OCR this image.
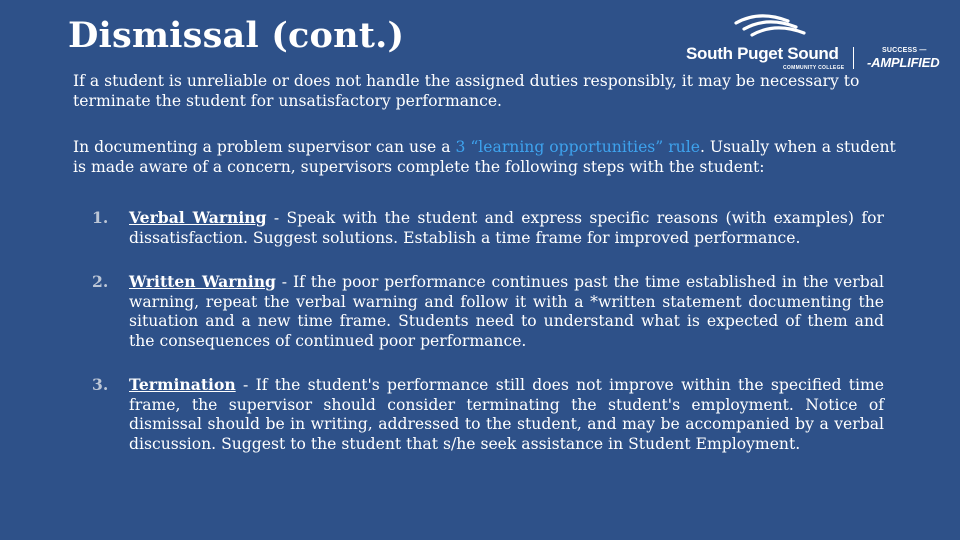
Dismissal (cont.)	South Puget Sound
COMMUNITY COLLEGE
SUCCESS —
-AMPLIFIED

If a student is unreliable or does not handle the assigned duties responsibly, it may be necessary to terminate the student for unsatisfactory performance.

In documenting a problem supervisor can use a 3 “learning opportunities” rule. Usually when a student is made aware of a concern, supervisors complete the following steps with the student:

1. Verbal Warning - Speak with the student and express specific reasons (with examples) for dissatisfaction. Suggest solutions. Establish a time frame for improved performance.
2. Written Warning - If the poor performance continues past the time established in the verbal warning, repeat the verbal warning and follow it with a *written statement documenting the situation and a new time frame. Students need to understand what is expected of them and the consequences of continued poor performance.
3. Termination - If the student's performance still does not improve within the specified time frame, the supervisor should consider terminating the student's employment. Notice of dismissal should be in writing, addressed to the student, and may be accompanied by a verbal discussion. Suggest to the student that s/he seek assistance in Student Employment.
